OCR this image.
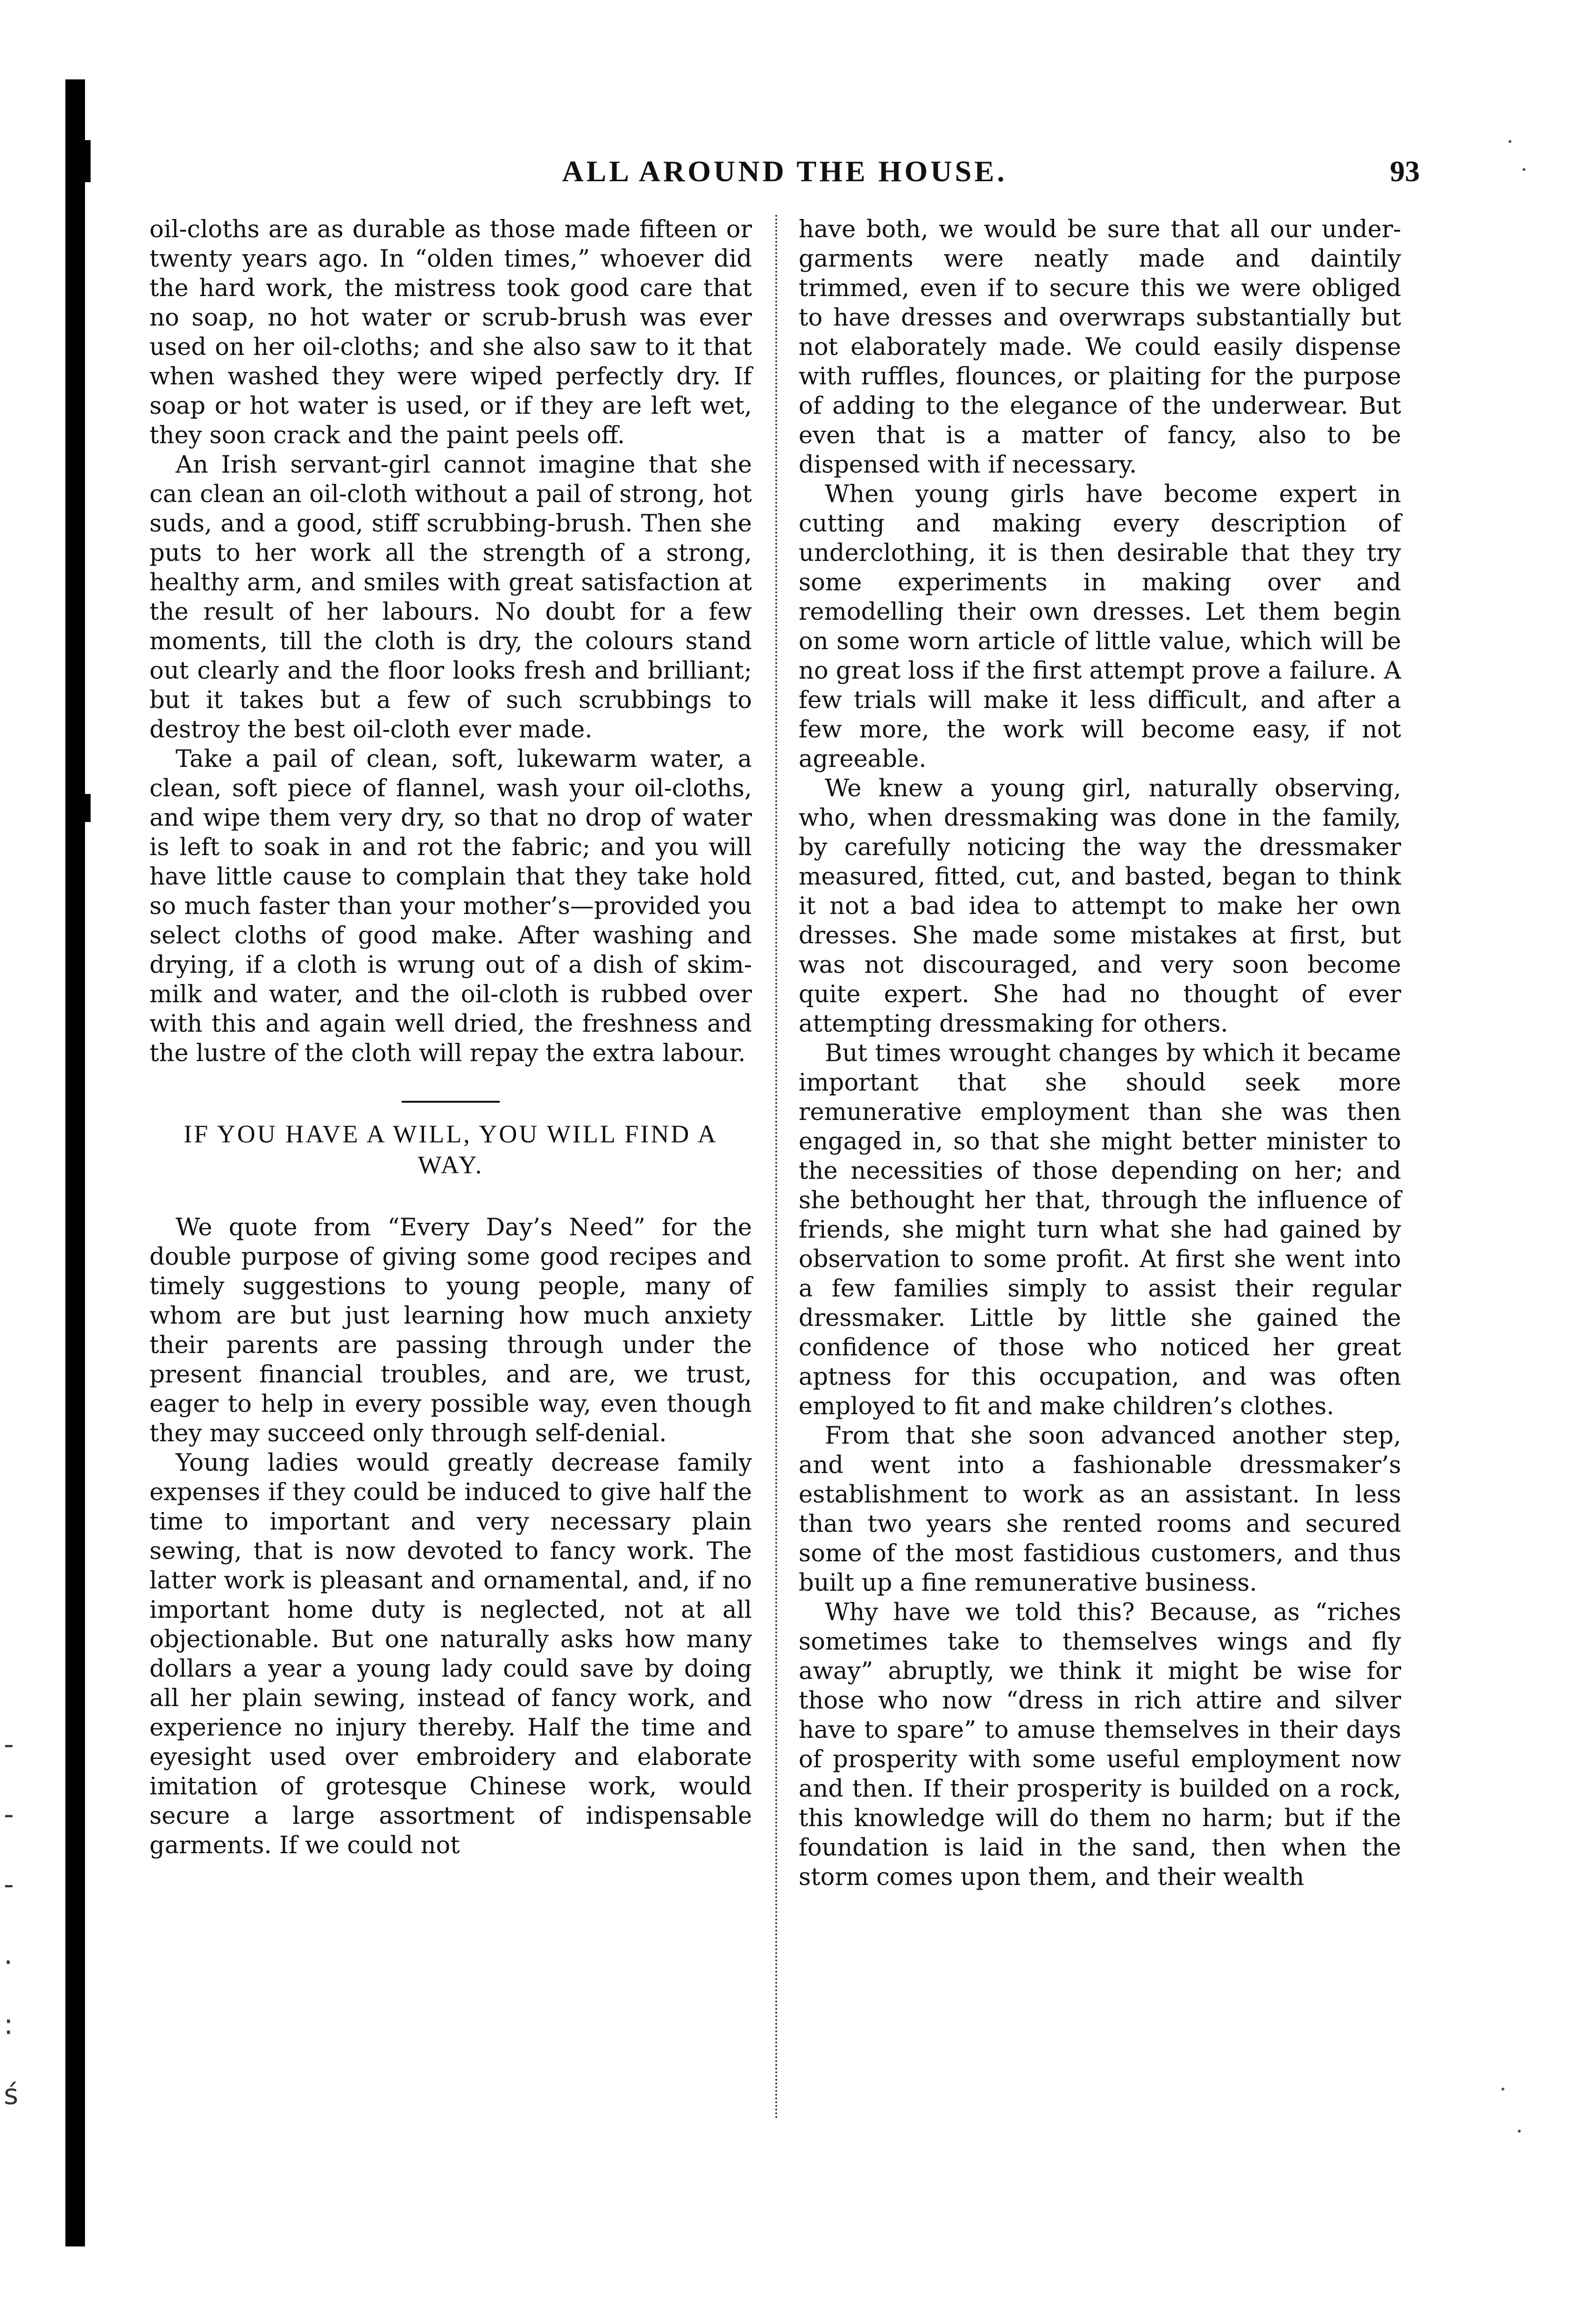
-
-
-
.
:
ś
ALL AROUND THE HOUSE.	93

oil-cloths are as durable as those made fifteen or twenty years ago. In “olden times,” whoever did the hard work, the mistress took good care that no soap, no hot water or scrub-brush was ever used on her oil-cloths; and she also saw to it that when washed they were wiped perfectly dry. If soap or hot water is used, or if they are left wet, they soon crack and the paint peels off.

An Irish servant-girl cannot imagine that she can clean an oil-cloth without a pail of strong, hot suds, and a good, stiff scrubbing-brush. Then she puts to her work all the strength of a strong, healthy arm, and smiles with great satisfaction at the result of her labours. No doubt for a few moments, till the cloth is dry, the colours stand out clearly and the floor looks fresh and brilliant; but it takes but a few of such scrubbings to destroy the best oil-cloth ever made.

Take a pail of clean, soft, lukewarm water, a clean, soft piece of flannel, wash your oil-cloths, and wipe them very dry, so that no drop of water is left to soak in and rot the fabric; and you will have little cause to complain that they take hold so much faster than your mother’s—provided you select cloths of good make. After washing and drying, if a cloth is wrung out of a dish of skim-milk and water, and the oil-cloth is rubbed over with this and again well dried, the freshness and the lustre of the cloth will repay the extra labour.

IF YOU HAVE A WILL, YOU WILL FIND A WAY.

We quote from “Every Day’s Need” for the double purpose of giving some good recipes and timely suggestions to young people, many of whom are but just learning how much anxiety their parents are passing through under the present financial troubles, and are, we trust, eager to help in every possible way, even though they may succeed only through self-denial.

Young ladies would greatly decrease family expenses if they could be induced to give half the time to important and very necessary plain sewing, that is now devoted to fancy work. The latter work is pleasant and ornamental, and, if no important home duty is neglected, not at all objectionable. But one naturally asks how many dollars a year a young lady could save by doing all her plain sewing, instead of fancy work, and experience no injury thereby. Half the time and eyesight used over embroidery and elaborate imitation of grotesque Chinese work, would secure a large assortment of indispensable garments. If we could not

have both, we would be sure that all our under-garments were neatly made and daintily trimmed, even if to secure this we were obliged to have dresses and overwraps substantially but not elaborately made. We could easily dispense with ruffles, flounces, or plaiting for the purpose of adding to the elegance of the underwear. But even that is a matter of fancy, also to be dispensed with if necessary.

When young girls have become expert in cutting and making every description of underclothing, it is then desirable that they try some experiments in making over and remodelling their own dresses. Let them begin on some worn article of little value, which will be no great loss if the first attempt prove a failure. A few trials will make it less difficult, and after a few more, the work will become easy, if not agreeable.

We knew a young girl, naturally observing, who, when dressmaking was done in the family, by carefully noticing the way the dressmaker measured, fitted, cut, and basted, began to think it not a bad idea to attempt to make her own dresses. She made some mistakes at first, but was not discouraged, and very soon become quite expert. She had no thought of ever attempting dressmaking for others.

But times wrought changes by which it became important that she should seek more remunerative employment than she was then engaged in, so that she might better minister to the necessities of those depending on her; and she bethought her that, through the influence of friends, she might turn what she had gained by observation to some profit. At first she went into a few families simply to assist their regular dressmaker. Little by little she gained the confidence of those who noticed her great aptness for this occupation, and was often employed to fit and make children’s clothes.

From that she soon advanced another step, and went into a fashionable dressmaker’s establishment to work as an assistant. In less than two years she rented rooms and secured some of the most fastidious customers, and thus built up a fine remunerative business.

Why have we told this? Because, as “riches sometimes take to themselves wings and fly away” abruptly, we think it might be wise for those who now “dress in rich attire and silver have to spare” to amuse themselves in their days of prosperity with some useful employment now and then. If their prosperity is builded on a rock, this knowledge will do them no harm; but if the foundation is laid in the sand, then when the storm comes upon them, and their wealth
